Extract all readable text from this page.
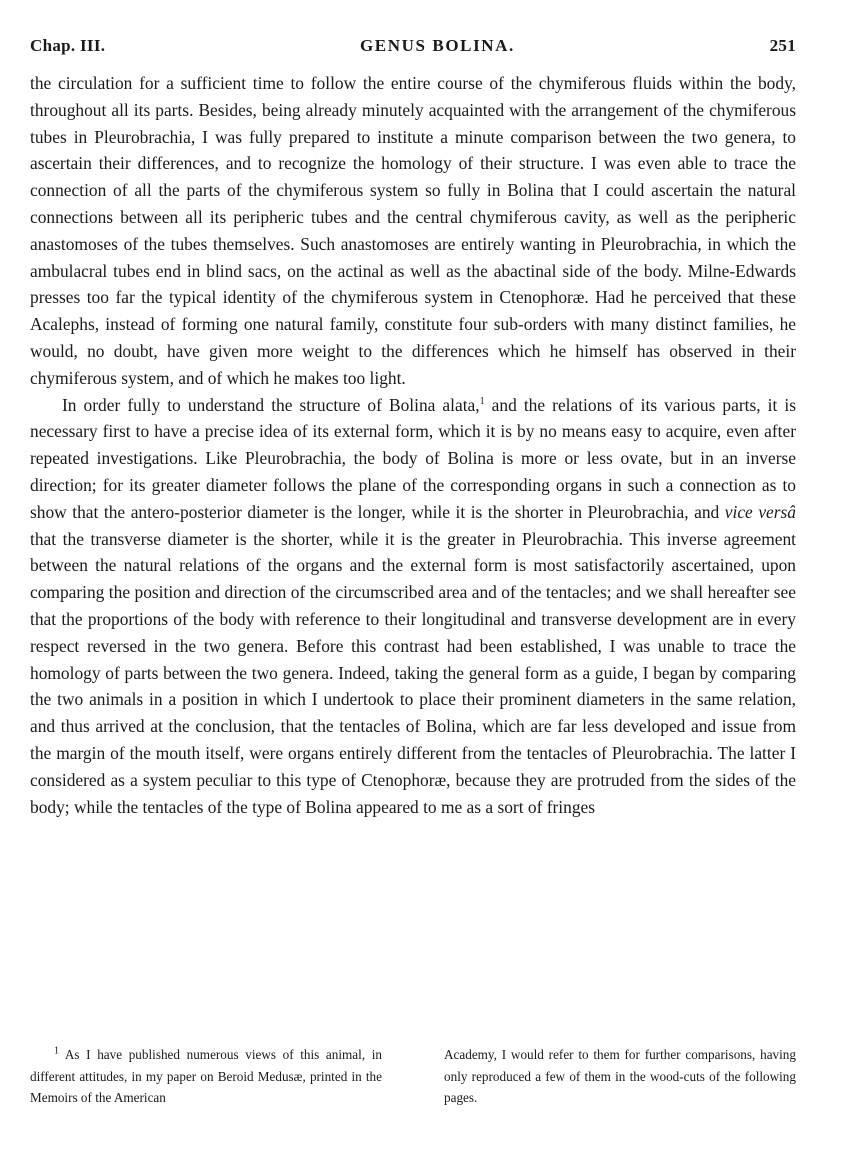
Chap. III.	GENUS BOLINA.	251

the circulation for a sufficient time to follow the entire course of the chymiferous fluids within the body, throughout all its parts. Besides, being already minutely acquainted with the arrangement of the chymiferous tubes in Pleurobrachia, I was fully prepared to institute a minute comparison between the two genera, to ascertain their differences, and to recognize the homology of their structure. I was even able to trace the connection of all the parts of the chymiferous system so fully in Bolina that I could ascertain the natural connections between all its peripheric tubes and the central chymiferous cavity, as well as the peripheric anastomoses of the tubes themselves. Such anastomoses are entirely wanting in Pleurobrachia, in which the ambulacral tubes end in blind sacs, on the actinal as well as the abactinal side of the body. Milne-Edwards presses too far the typical identity of the chymiferous system in Ctenophoræ. Had he perceived that these Acalephs, instead of forming one natural family, constitute four sub-orders with many distinct families, he would, no doubt, have given more weight to the differences which he himself has observed in their chymiferous system, and of which he makes too light.

In order fully to understand the structure of Bolina alata,$^1$ and the relations of its various parts, it is necessary first to have a precise idea of its external form, which it is by no means easy to acquire, even after repeated investigations. Like Pleurobrachia, the body of Bolina is more or less ovate, but in an inverse direction; for its greater diameter follows the plane of the corresponding organs in such a connection as to show that the antero-posterior diameter is the longer, while it is the shorter in Pleurobrachia, and vice versâ that the transverse diameter is the shorter, while it is the greater in Pleurobrachia. This inverse agreement between the natural relations of the organs and the external form is most satisfactorily ascertained, upon comparing the position and direction of the circumscribed area and of the tentacles; and we shall hereafter see that the proportions of the body with reference to their longitudinal and transverse development are in every respect reversed in the two genera. Before this contrast had been established, I was unable to trace the homology of parts between the two genera. Indeed, taking the general form as a guide, I began by comparing the two animals in a position in which I undertook to place their prominent diameters in the same relation, and thus arrived at the conclusion, that the tentacles of Bolina, which are far less developed and issue from the margin of the mouth itself, were organs entirely different from the tentacles of Pleurobrachia. The latter I considered as a system peculiar to this type of Ctenophoræ, because they are protruded from the sides of the body; while the tentacles of the type of Bolina appeared to me as a sort of fringes

$^1$ As I have published numerous views of this animal, in different attitudes, in my paper on Beroid Medusæ, printed in the Memoirs of the American
Academy, I would refer to them for further comparisons, having only reproduced a few of them in the wood-cuts of the following pages.
